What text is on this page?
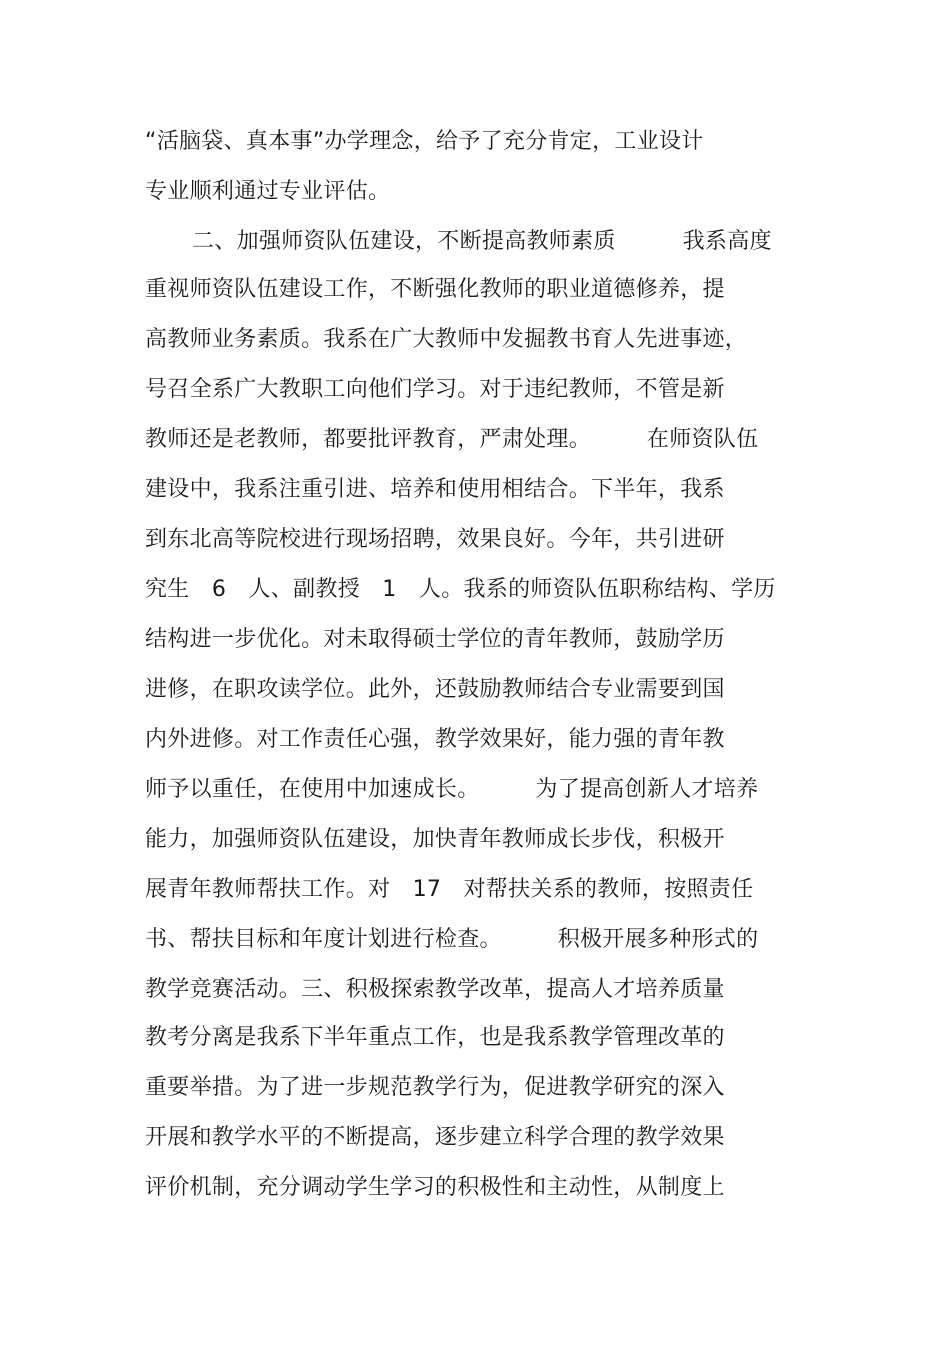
“活脑袋、真本事”办学理念，给予了充分肯定，工业设计
专业顺利通过专业评估。
二、加强师资队伍建设，不断提高教师素质　　　我系高度
重视师资队伍建设工作，不断强化教师的职业道德修养，提
高教师业务素质。我系在广大教师中发掘教书育人先进事迹，
号召全系广大教职工向他们学习。对于违纪教师，不管是新
教师还是老教师，都要批评教育，严肃处理。　　　在师资队伍
建设中，我系注重引进、培养和使用相结合。下半年，我系
到东北高等院校进行现场招聘，效果良好。今年，共引进研
究生　6　人、副教授　1　人。我系的师资队伍职称结构、学历
结构进一步优化。对未取得硕士学位的青年教师，鼓励学历
进修，在职攻读学位。此外，还鼓励教师结合专业需要到国
内外进修。对工作责任心强，教学效果好，能力强的青年教
师予以重任，在使用中加速成长。　　　为了提高创新人才培养
能力，加强师资队伍建设，加快青年教师成长步伐，积极开
展青年教师帮扶工作。对　17　对帮扶关系的教师，按照责任
书、帮扶目标和年度计划进行检查。　　　积极开展多种形式的
教学竞赛活动。三、积极探索教学改革，提高人才培养质量
教考分离是我系下半年重点工作，也是我系教学管理改革的
重要举措。为了进一步规范教学行为，促进教学研究的深入
开展和教学水平的不断提高，逐步建立科学合理的教学效果
评价机制，充分调动学生学习的积极性和主动性，从制度上
